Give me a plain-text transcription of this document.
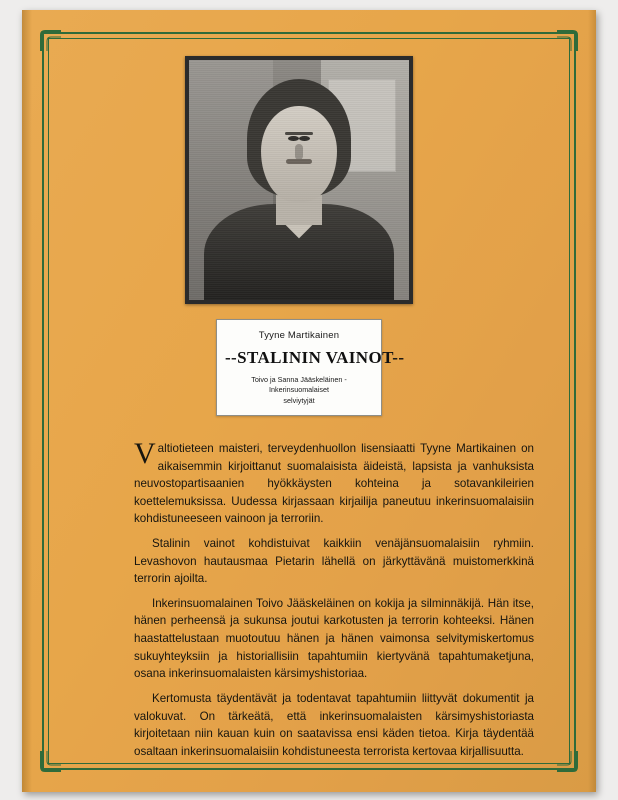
Tyyne Martikainen
--STALININ VAINOT--
Toivo ja Sanna Jääskeläinen -
Inkerinsuomalaiset
selviytyjät

Valtiotieteen maisteri, terveydenhuollon lisensiaatti Tyyne Martikainen on aikaisemmin kirjoittanut suomalaisista äideistä, lapsista ja vanhuksista neuvostopartisaanien hyökkäysten kohteina ja sotavankileirien koettelemuksissa. Uudessa kirjassaan kirjailija paneutuu inkerinsuomalaisiin kohdistuneeseen vainoon ja terroriin.

Stalinin vainot kohdistuivat kaikkiin venäjänsuomalaisiin ryhmiin. Levashovon hautausmaa Pietarin lähellä on järkyttävänä muistomerkkinä terrorin ajoilta.

Inkerinsuomalainen Toivo Jääskeläinen on kokija ja silminnäkijä. Hän itse, hänen perheensä ja sukunsa joutui karkotusten ja terrorin kohteeksi. Hänen haastattelustaan muotoutuu hänen ja hänen vaimonsa selvitymiskertomus sukuyhteyksiin ja historiallisiin tapahtumiin kiertyvänä tapahtumaketjuna, osana inkerinsuomalaisten kärsimyshistoriaa.

Kertomusta täydentävät ja todentavat tapahtumiin liittyvät dokumentit ja valokuvat. On tärkeätä, että inkerinsuomalaisten kärsimyshistoriasta kirjoitetaan niin kauan kuin on saatavissa ensi käden tietoa. Kirja täydentää osaltaan inkerinsuomalaisiin kohdistuneesta terrorista kertovaa kirjallisuutta.
